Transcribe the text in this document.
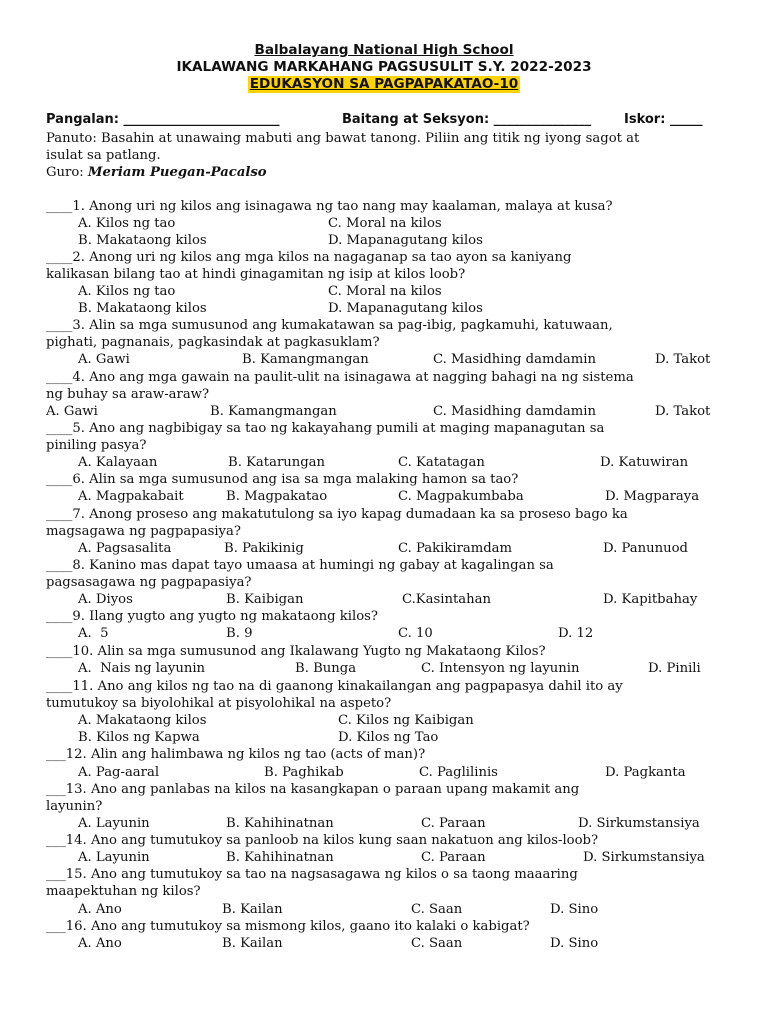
Balbalayang National High School
IKALAWANG MARKAHANG PAGSUSULIT S.Y. 2022-2023
EDUKASYON SA PAGPAPAKATAO-10
Pangalan: ________________________	Baitang at Seksyon: _______________	Iskor: _____
Panuto: Basahin at unawaing mabuti ang bawat tanong. Piliin ang titik ng iyong sagot at
isulat sa patlang.
Guro: Meriam Puegan-Pacalso
____1. Anong uri ng kilos ang isinagawa ng tao nang may kaalaman, malaya at kusa?
A. Kilos ng tao	C. Moral na kilos
B. Makataong kilos	D. Mapanagutang kilos
____2. Anong uri ng kilos ang mga kilos na nagaganap sa tao ayon sa kaniyang
kalikasan bilang tao at hindi ginagamitan ng isip at kilos loob?
A. Kilos ng tao	C. Moral na kilos
B. Makataong kilos	D. Mapanagutang kilos
____3. Alin sa mga sumusunod ang kumakatawan sa pag-ibig, pagkamuhi, katuwaan,
pighati, pagnanais, pagkasindak at pagkasuklam?
A. Gawi	B. Kamangmangan	C. Masidhing damdamin	D. Takot
____4. Ano ang mga gawain na paulit-ulit na isinagawa at nagging bahagi na ng sistema
ng buhay sa araw-araw?
A. Gawi	B. Kamangmangan	C. Masidhing damdamin	D. Takot
____5. Ano ang nagbibigay sa tao ng kakayahang pumili at maging mapanagutan sa
piniling pasya?
A. Kalayaan	B. Katarungan	C. Katatagan	D. Katuwiran
____6. Alin sa mga sumusunod ang isa sa mga malaking hamon sa tao?
A. Magpakabait	B. Magpakatao	C. Magpakumbaba	D. Magparaya
____7. Anong proseso ang makatutulong sa iyo kapag dumadaan ka sa proseso bago ka
magsagawa ng pagpapasiya?
A. Pagsasalita	B. Pakikinig	C. Pakikiramdam	D. Panunuod
____8. Kanino mas dapat tayo umaasa at humingi ng gabay at kagalingan sa
pagsasagawa ng pagpapasiya?
A. Diyos	B. Kaibigan	C.Kasintahan	D. Kapitbahay
____9. Ilang yugto ang yugto ng makataong kilos?
A.  5	B. 9	C. 10	D. 12
____10. Alin sa mga sumusunod ang Ikalawang Yugto ng Makataong Kilos?
A.  Nais ng layunin	B. Bunga	C. Intensyon ng layunin	D. Pinili
____11. Ano ang kilos ng tao na di gaanong kinakailangan ang pagpapasya dahil ito ay
tumutukoy sa biyolohikal at pisyolohikal na aspeto?
A. Makataong kilos	C. Kilos ng Kaibigan
B. Kilos ng Kapwa	D. Kilos ng Tao
___12. Alin ang halimbawa ng kilos ng tao (acts of man)?
A. Pag-aaral	B. Paghikab	C. Paglilinis	D. Pagkanta
___13. Ano ang panlabas na kilos na kasangkapan o paraan upang makamit ang
layunin?
A. Layunin	B. Kahihinatnan	C. Paraan	D. Sirkumstansiya
___14. Ano ang tumutukoy sa panloob na kilos kung saan nakatuon ang kilos-loob?
A. Layunin	B. Kahihinatnan	C. Paraan	D. Sirkumstansiya
___15. Ano ang tumutukoy sa tao na nagsasagawa ng kilos o sa taong maaaring
maapektuhan ng kilos?
A. Ano	B. Kailan	C. Saan	D. Sino
___16. Ano ang tumutukoy sa mismong kilos, gaano ito kalaki o kabigat?
A. Ano	B. Kailan	C. Saan	D. Sino
